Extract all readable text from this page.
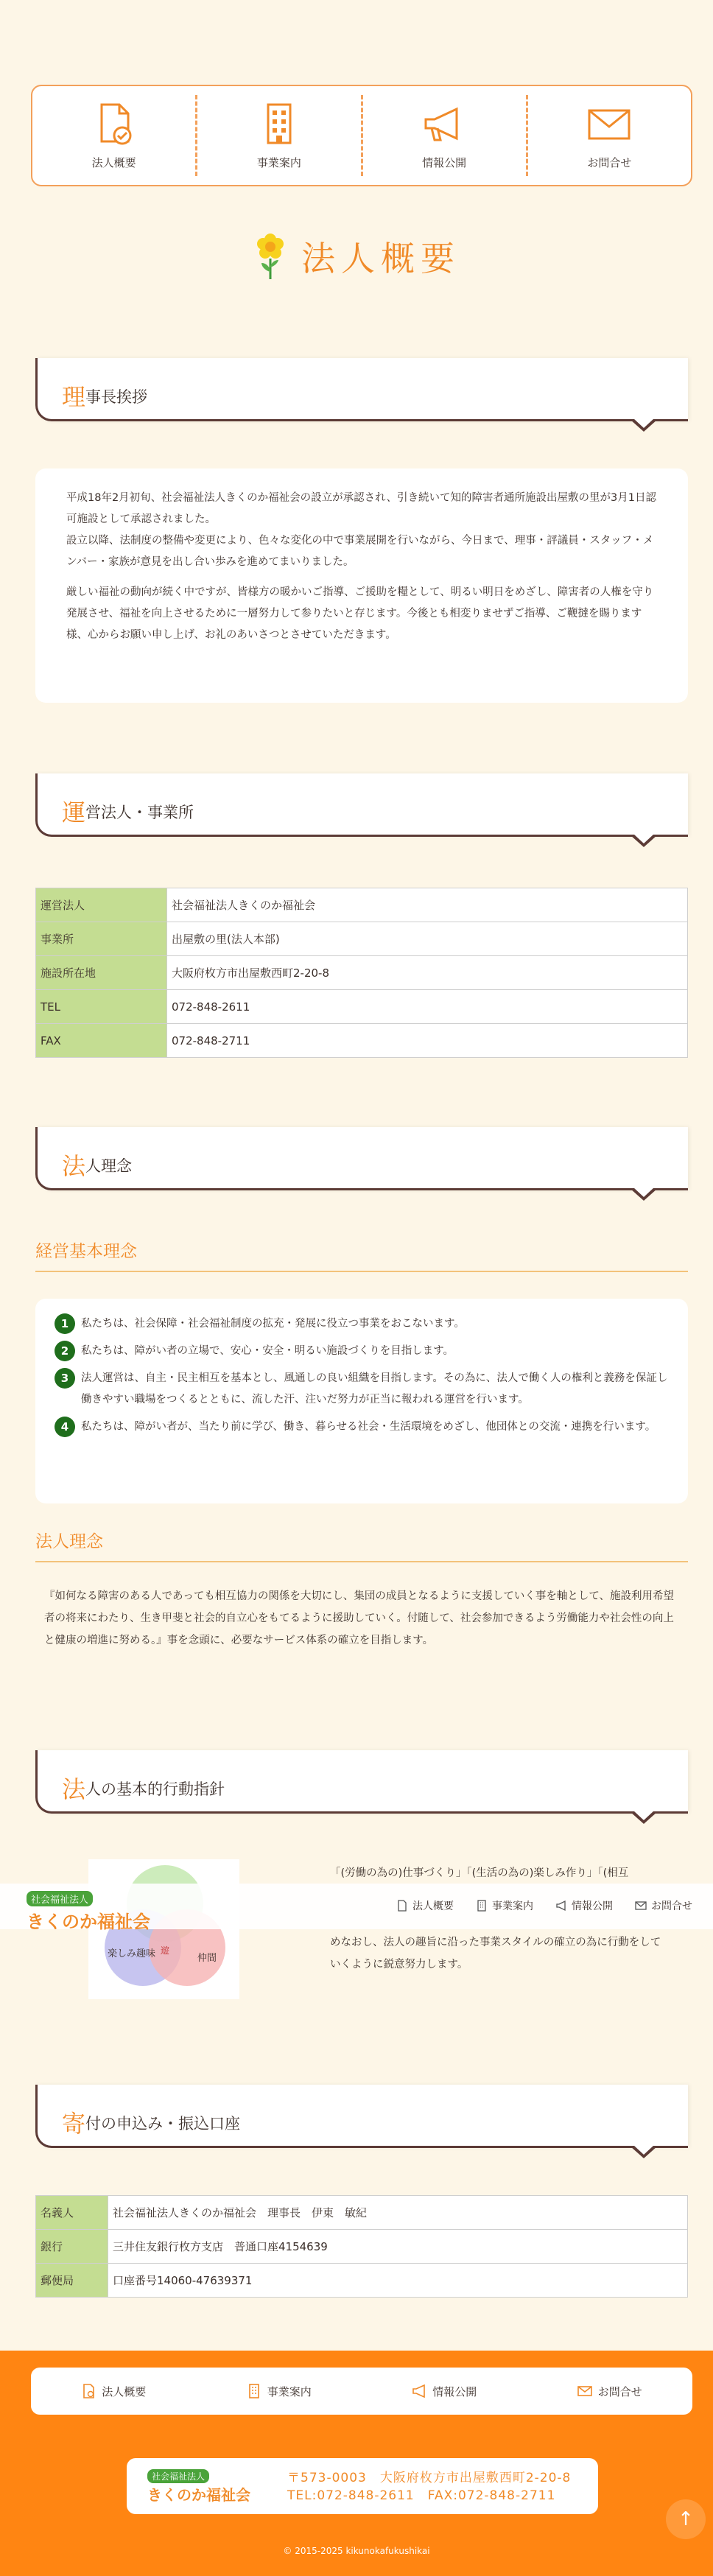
法人概要	事業案内	情報公開	お問合せ
法人概要
理事長挨拶

平成18年2月初旬、社会福祉法人きくのか福祉会の設立が承認され、引き続いて知的障害者通所施設出屋敷の里が3月1日認可施設として承認されました。

設立以降、法制度の整備や変更により、色々な変化の中で事業展開を行いながら、今日まで、理事・評議員・スタッフ・メンバー・家族が意見を出し合い歩みを進めてまいりました。

厳しい福祉の動向が続く中ですが、皆様方の暖かいご指導、ご援助を糧として、明るい明日をめざし、障害者の人権を守り発展させ、福祉を向上させるために一層努力して参りたいと存じます。今後とも相変りませずご指導、ご鞭撻を賜ります様、心からお願い申し上げ、お礼のあいさつとさせていただきます。

運営法人・事業所
運営法人	社会福祉法人きくのか福祉会
事業所	出屋敷の里(法人本部)
施設所在地	大阪府枚方市出屋敷西町2-20-8
TEL	072-848-2611
FAX	072-848-2711
法人理念
経営基本理念
1	私たちは、社会保障・社会福祉制度の拡充・発展に役立つ事業をおこないます。
2	私たちは、障がい者の立場で、安心・安全・明るい施設づくりを目指します。
3	法人運営は、自主・民主相互を基本とし、風通しの良い組織を目指します。その為に、法人で働く人の権利と義務を保証し働きやすい職場をつくるとともに、流した汗、注いだ努力が正当に報われる運営を行います。
4	私たちは、障がい者が、当たり前に学び、働き、暮らせる社会・生活環境をめざし、他団体との交流・連携を行います。
法人理念
『如何なる障害のある人であっても相互協力の関係を大切にし、集団の成員となるように支援していく事を軸として、施設利用希望者の将来にわたり、生き甲斐と社会的自立心をもてるように援助していく。付随して、社会参加できるよう労働能力や社会性の向上と健康の増進に努める。』事を念頭に、必要なサービス体系の確立を目指します。
法人の基本的行動指針
楽しみ趣味	仲間
遊
「(労働の為の)仕事づくり」「(生活の為の)楽しみ作り」「(相互
めなおし、法人の趣旨に沿った事業スタイルの確立の為に行動をしていくように鋭意努力します。
社会福祉法人
きくのか福祉会
法人概要	事業案内	情報公開	お問合せ
寄付の申込み・振込口座
名義人	社会福祉法人きくのか福祉会　理事長　伊東　敏紀
銀行	三井住友銀行枚方支店　普通口座4154639
郵便局	口座番号14060-47639371
法人概要	事業案内	情報公開	お問合せ
社会福祉法人
きくのか福祉会
〒573-0003　大阪府枚方市出屋敷西町2-20-8
TEL:072-848-2611　FAX:072-848-2711
© 2015-2025 kikunokafukushikai
↑
